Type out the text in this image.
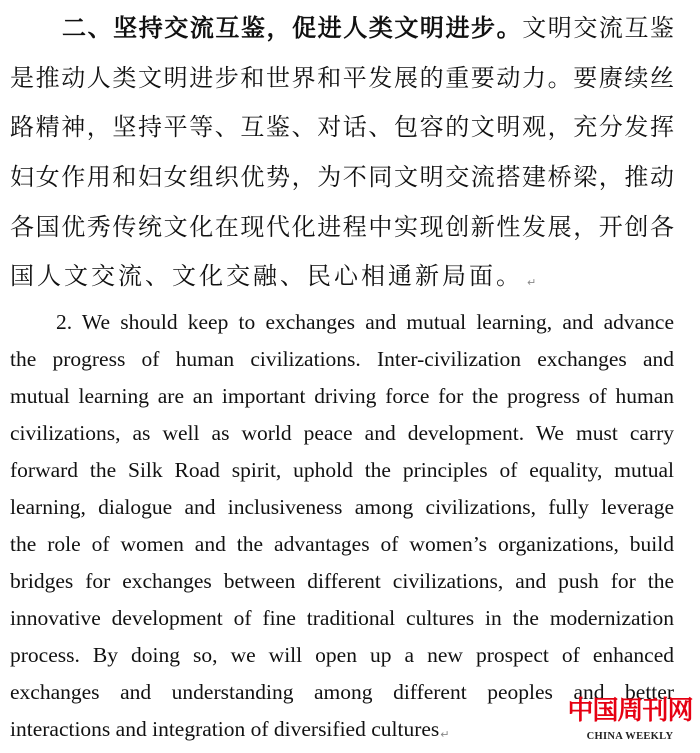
二、坚持交流互鉴，促进人类文明进步。文明交流互鉴
是推动人类文明进步和世界和平发展的重要动力。要赓续丝
路精神，坚持平等、互鉴、对话、包容的文明观，充分发挥
妇女作用和妇女组织优势，为不同文明交流搭建桥梁，推动
各国优秀传统文化在现代化进程中实现创新性发展，开创各
国人文交流、文化交融、民心相通新局面。 ↵
2. We should keep to exchanges and mutual learning, and advance
the progress of human civilizations. Inter-civilization exchanges and
mutual learning are an important driving force for the progress of human
civilizations, as well as world peace and development. We must carry
forward the Silk Road spirit, uphold the principles of equality, mutual
learning, dialogue and inclusiveness among civilizations, fully leverage
the role of women and the advantages of women’s organizations, build
bridges for exchanges between different civilizations, and push for the
innovative development of fine traditional cultures in the modernization
process. By doing so, we will open up a new prospect of enhanced
exchanges and understanding among different peoples and better
interactions and integration of diversified cultures↵
中国周刊网
CHINA WEEKLY
